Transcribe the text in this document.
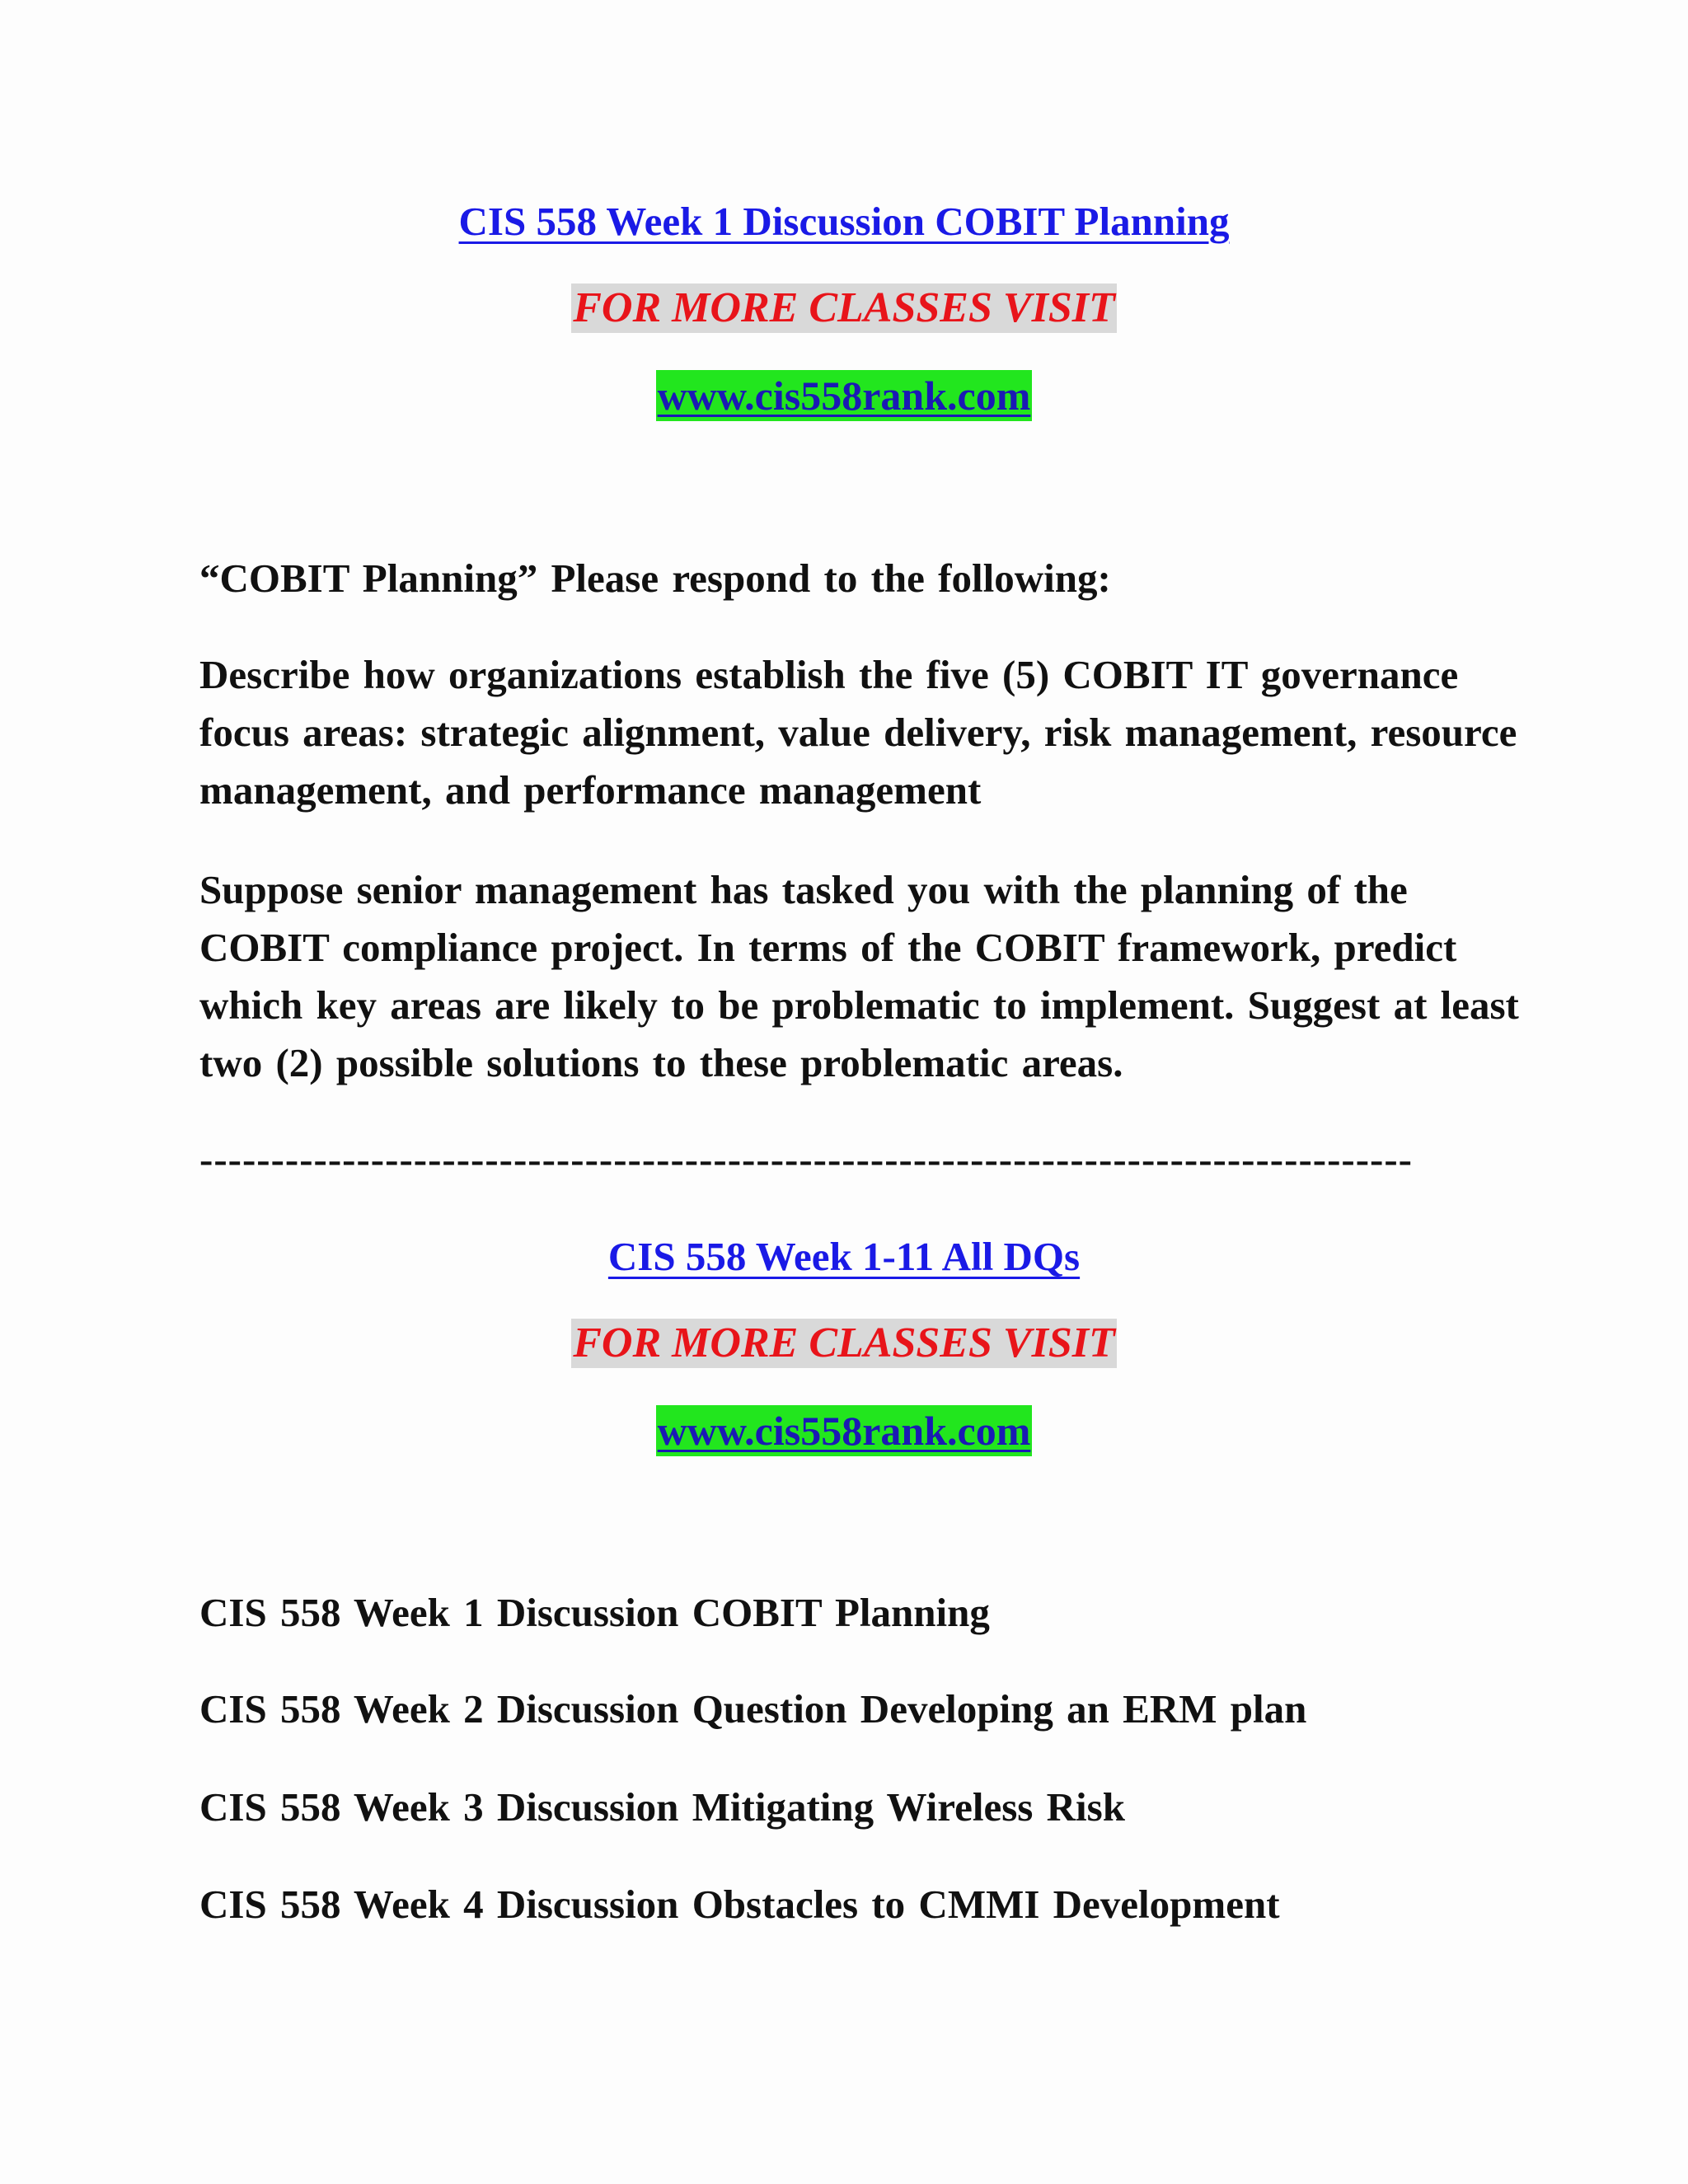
CIS 558 Week 1 Discussion COBIT Planning
FOR MORE CLASSES VISIT
www.cis558rank.com

“COBIT Planning” Please respond to the following:

Describe how organizations establish the five (5) COBIT IT governance focus areas: strategic alignment, value delivery, risk management, resource management, and performance management

Suppose senior management has tasked you with the planning of the COBIT compliance project. In terms of the COBIT framework, predict which key areas are likely to be problematic to implement. Suggest at least two (2) possible solutions to these problematic areas.

-------------------------------------------------------------------------------------
CIS 558 Week 1-11 All DQs
FOR MORE CLASSES VISIT
www.cis558rank.com
CIS 558 Week 1 Discussion COBIT Planning
CIS 558 Week 2 Discussion Question Developing an ERM plan
CIS 558 Week 3 Discussion Mitigating Wireless Risk
CIS 558 Week 4 Discussion Obstacles to CMMI Development
